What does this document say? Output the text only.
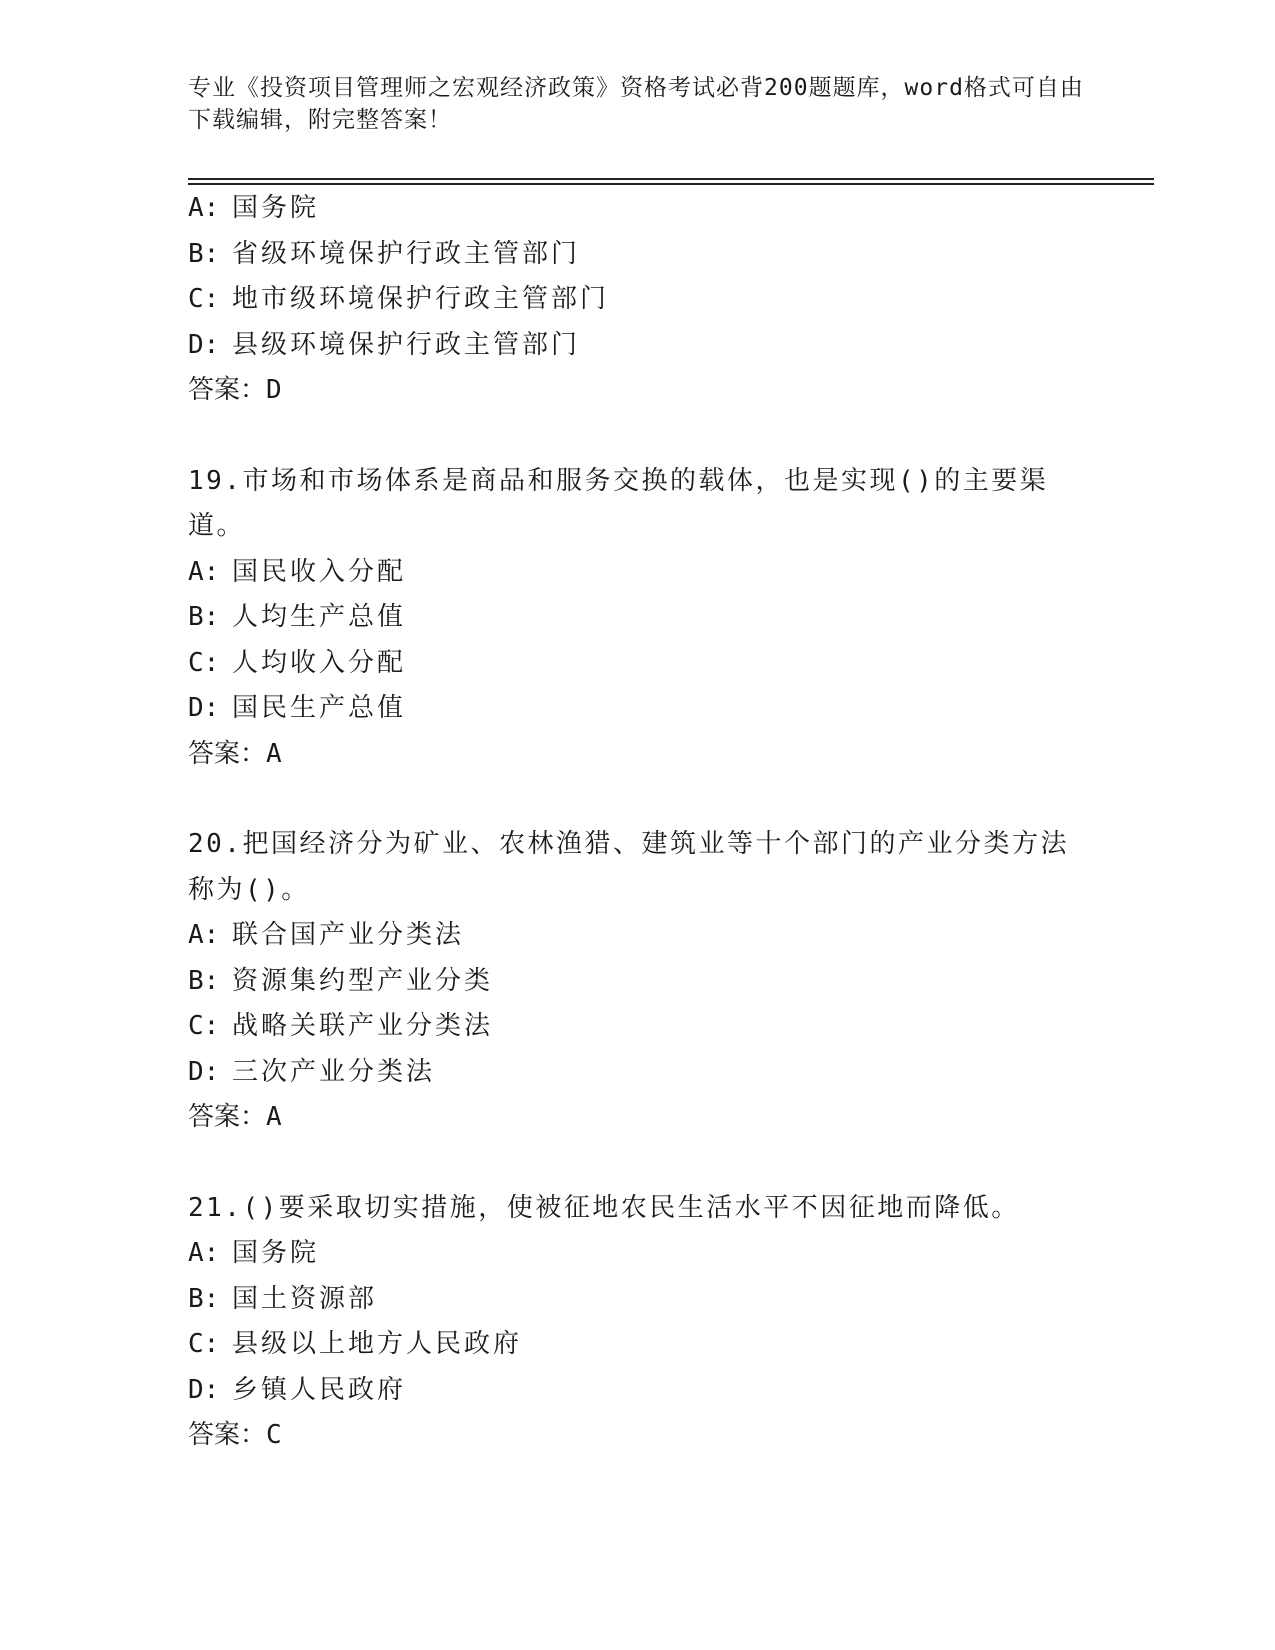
专业《投资项目管理师之宏观经济政策》资格考试必背200题题库，word格式可自由下载编辑，附完整答案！
A: 国务院
B: 省级环境保护行政主管部门
C: 地市级环境保护行政主管部门
D: 县级环境保护行政主管部门
答案：D
19.市场和市场体系是商品和服务交换的载体，也是实现()的主要渠道。
A: 国民收入分配
B: 人均生产总值
C: 人均收入分配
D: 国民生产总值
答案：A
20.把国经济分为矿业、农林渔猎、建筑业等十个部门的产业分类方法称为()。
A: 联合国产业分类法
B: 资源集约型产业分类
C: 战略关联产业分类法
D: 三次产业分类法
答案：A
21.()要采取切实措施，使被征地农民生活水平不因征地而降低。
A: 国务院
B: 国土资源部
C: 县级以上地方人民政府
D: 乡镇人民政府
答案：C
